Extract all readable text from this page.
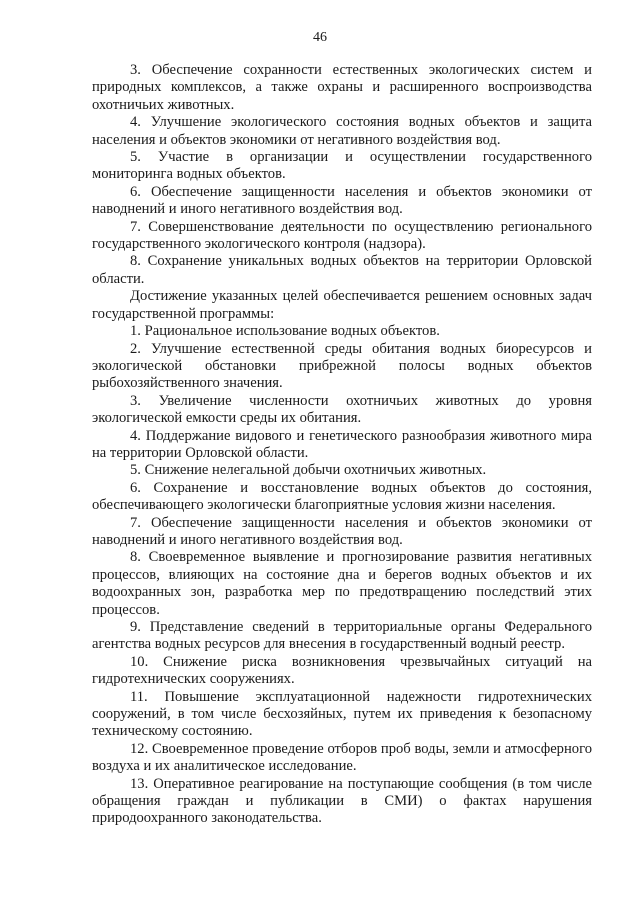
46

3. Обеспечение сохранности естественных экологических систем и природных комплексов, а также охраны и расширенного воспроизводства охотничьих животных.

4. Улучшение экологического состояния водных объектов и защита населения и объектов экономики от негативного воздействия вод.

5. Участие в организации и осуществлении государственного мониторинга водных объектов.

6. Обеспечение защищенности населения и объектов экономики от наводнений и иного негативного воздействия вод.

7. Совершенствование деятельности по осуществлению регионального государственного экологического контроля (надзора).

8. Сохранение уникальных водных объектов на территории Орловской области.

Достижение указанных целей обеспечивается решением основных задач государственной программы:

1. Рациональное использование водных объектов.

2. Улучшение естественной среды обитания водных биоресурсов и экологической обстановки прибрежной полосы водных объектов рыбохозяйственного значения.

3. Увеличение численности охотничьих животных до уровня экологической емкости среды их обитания.

4. Поддержание видового и генетического разнообразия животного мира на территории Орловской области.

5. Снижение нелегальной добычи охотничьих животных.

6. Сохранение и восстановление водных объектов до состояния, обеспечивающего экологически благоприятные условия жизни населения.

7. Обеспечение защищенности населения и объектов экономики от наводнений и иного негативного воздействия вод.

8. Своевременное выявление и прогнозирование развития негативных процессов, влияющих на состояние дна и берегов водных объектов и их водоохранных зон, разработка мер по предотвращению последствий этих процессов.

9. Представление сведений в территориальные органы Федерального агентства водных ресурсов для внесения в государственный водный реестр.

10. Снижение риска возникновения чрезвычайных ситуаций на гидротехнических сооружениях.

11. Повышение эксплуатационной надежности гидротехнических сооружений, в том числе бесхозяйных, путем их приведения к безопасному техническому состоянию.

12. Своевременное проведение отборов проб воды, земли и атмосферного воздуха и их аналитическое исследование.

13. Оперативное реагирование на поступающие сообщения (в том числе обращения граждан и публикации в СМИ) о фактах нарушения природоохранного законодательства.
